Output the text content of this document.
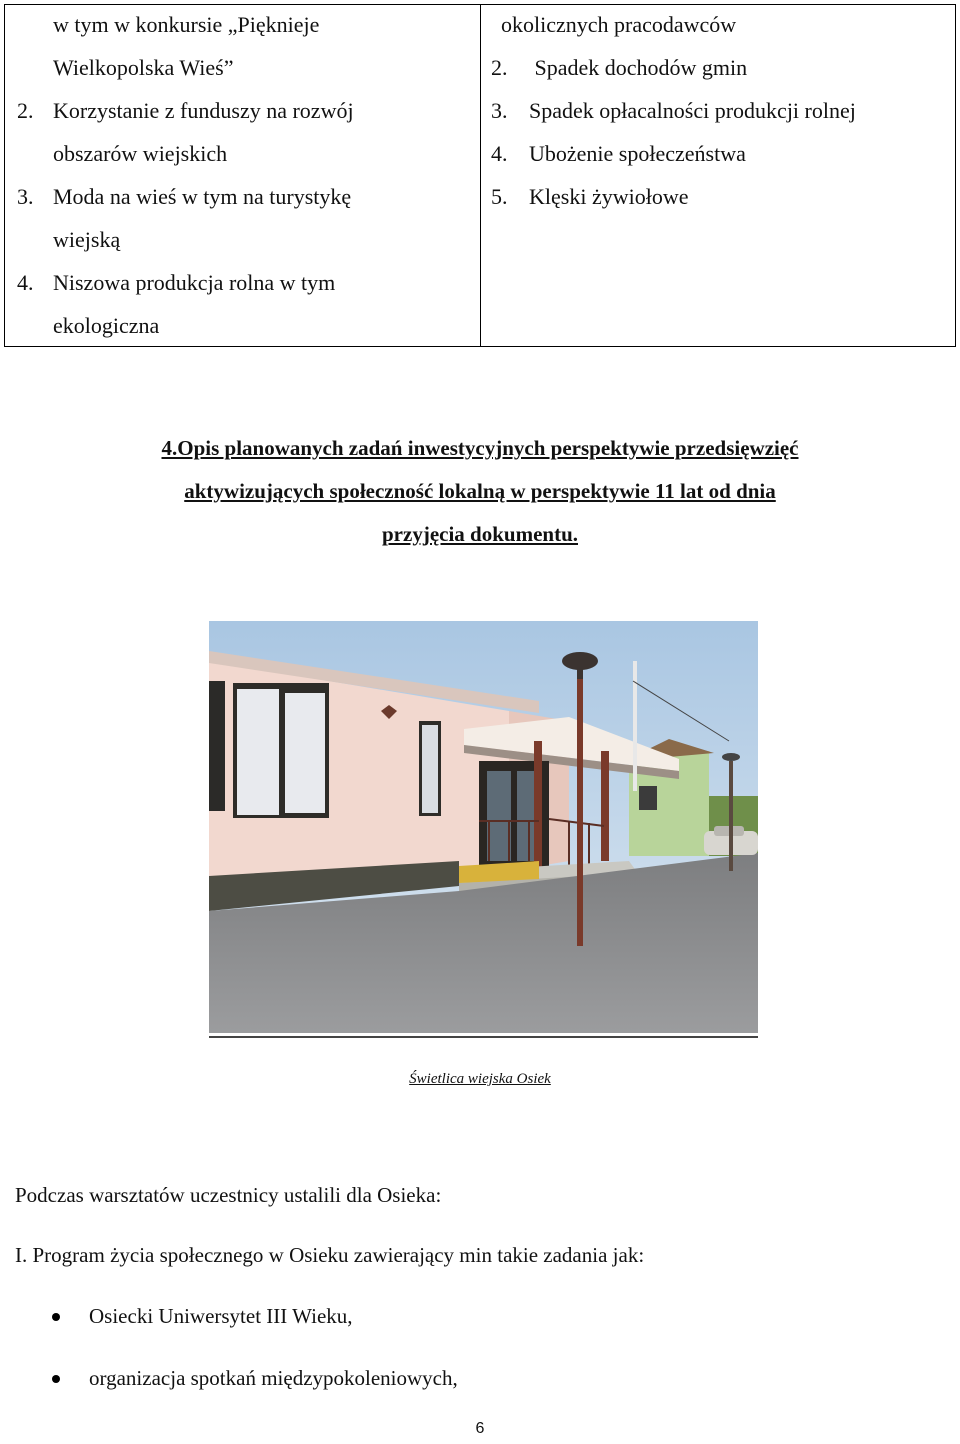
w tym w konkursie „Pięknieje
Wielkopolska Wieś”
2. Korzystanie z funduszy na rozwój
obszarów wiejskich
3. Moda na wieś w tym na turystykę
wiejską
4. Niszowa produkcja rolna w tym
ekologiczna
okolicznych pracodawców
2. Spadek dochodów gmin
3. Spadek opłacalności produkcji rolnej
4. Ubożenie społeczeństwa
5. Klęski żywiołowe
4.Opis planowanych zadań inwestycyjnych perspektywie przedsięwzięć
aktywizujących społeczność lokalną w perspektywie 11 lat od dnia
przyjęcia dokumentu.
Świetlica wiejska Osiek
Podczas warsztatów uczestnicy ustalili dla Osieka:
I. Program życia społecznego w Osieku zawierający min takie zadania jak:
Osiecki Uniwersytet III Wieku,
organizacja spotkań międzypokoleniowych,
6
